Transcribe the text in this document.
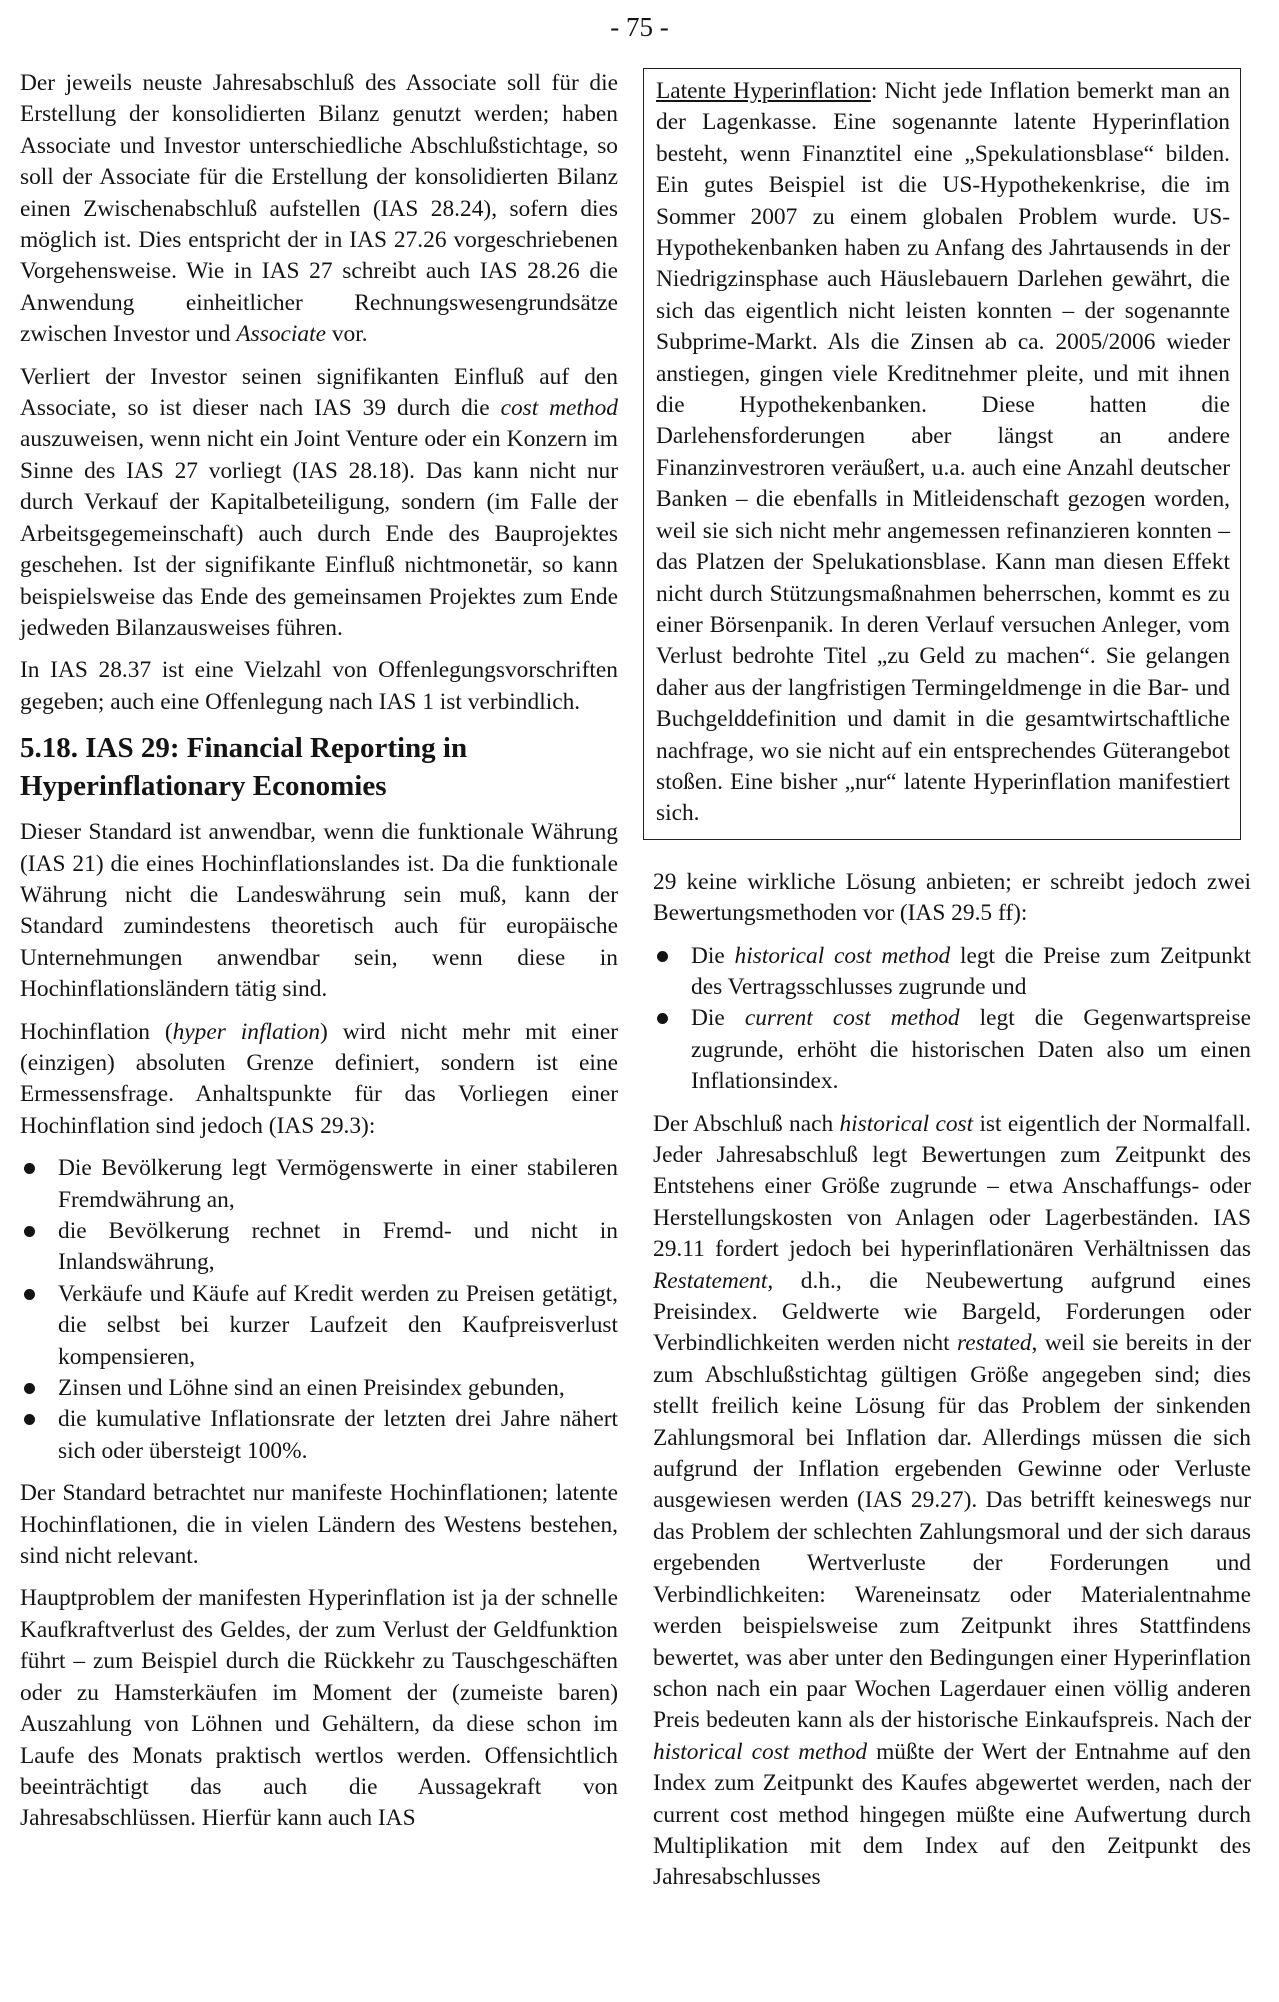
- 75 -

Der jeweils neuste Jahresabschluß des Associate soll für die Erstellung der konsolidierten Bilanz genutzt werden; haben Associate und Investor unterschiedliche Abschlußstichtage, so soll der Associate für die Erstellung der konsolidierten Bilanz einen Zwischenabschluß aufstellen (IAS 28.24), sofern dies möglich ist. Dies entspricht der in IAS 27.26 vorgeschriebenen Vorgehensweise. Wie in IAS 27 schreibt auch IAS 28.26 die Anwendung einheitlicher Rechnungswesengrundsätze zwischen Investor und Associate vor.

Verliert der Investor seinen signifikanten Einfluß auf den Associate, so ist dieser nach IAS 39 durch die cost method auszuweisen, wenn nicht ein Joint Venture oder ein Konzern im Sinne des IAS 27 vorliegt (IAS 28.18). Das kann nicht nur durch Verkauf der Kapitalbeteiligung, sondern (im Falle der Arbeitsgegemeinschaft) auch durch Ende des Bauprojektes geschehen. Ist der signifikante Einfluß nichtmonetär, so kann beispielsweise das Ende des gemeinsamen Projektes zum Ende jedweden Bilanzausweises führen.

In IAS 28.37 ist eine Vielzahl von Offenlegungsvorschriften gegeben; auch eine Offenlegung nach IAS 1 ist verbindlich.

5.18. IAS 29: Financial Reporting in Hyperinflationary Economies

Dieser Standard ist anwendbar, wenn die funktionale Währung (IAS 21) die eines Hochinflationslandes ist. Da die funktionale Währung nicht die Landeswährung sein muß, kann der Standard zumindestens theoretisch auch für europäische Unternehmungen anwendbar sein, wenn diese in Hochinflationsländern tätig sind.

Hochinflation (hyper inflation) wird nicht mehr mit einer (einzigen) absoluten Grenze definiert, sondern ist eine Ermessensfrage. Anhaltspunkte für das Vorliegen einer Hochinflation sind jedoch (IAS 29.3):

Die Bevölkerung legt Vermögenswerte in einer stabileren Fremdwährung an,
die Bevölkerung rechnet in Fremd- und nicht in Inlandswährung,
Verkäufe und Käufe auf Kredit werden zu Preisen getätigt, die selbst bei kurzer Laufzeit den Kaufpreisverlust kompensieren,
Zinsen und Löhne sind an einen Preisindex gebunden,
die kumulative Inflationsrate der letzten drei Jahre nähert sich oder übersteigt 100%.

Der Standard betrachtet nur manifeste Hochinflationen; latente Hochinflationen, die in vielen Ländern des Westens bestehen, sind nicht relevant.

Hauptproblem der manifesten Hyperinflation ist ja der schnelle Kaufkraftverlust des Geldes, der zum Verlust der Geldfunktion führt – zum Beispiel durch die Rückkehr zu Tauschgeschäften oder zu Hamsterkäufen im Moment der (zumeiste baren) Auszahlung von Löhnen und Gehältern, da diese schon im Laufe des Monats praktisch wertlos werden. Offensichtlich beeinträchtigt das auch die Aussagekraft von Jahresabschlüssen. Hierfür kann auch IAS

Latente Hyperinflation: Nicht jede Inflation bemerkt man an der Lagenkasse. Eine sogenannte latente Hyperinflation besteht, wenn Finanztitel eine „Spekulationsblase“ bilden. Ein gutes Beispiel ist die US-Hypothekenkrise, die im Sommer 2007 zu einem globalen Problem wurde. US-Hypothekenbanken haben zu Anfang des Jahrtausends in der Niedrigzinsphase auch Häuslebauern Darlehen gewährt, die sich das eigentlich nicht leisten konnten – der sogenannte Subprime-Markt. Als die Zinsen ab ca. 2005/2006 wieder anstiegen, gingen viele Kreditnehmer pleite, und mit ihnen die Hypothekenbanken. Diese hatten die Darlehensforderungen aber längst an andere Finanzinvestroren veräußert, u.a. auch eine Anzahl deutscher Banken – die ebenfalls in Mitleidenschaft gezogen worden, weil sie sich nicht mehr angemessen refinanzieren konnten – das Platzen der Spelukationsblase. Kann man diesen Effekt nicht durch Stützungsmaßnahmen beherrschen, kommt es zu einer Börsenpanik. In deren Verlauf versuchen Anleger, vom Verlust bedrohte Titel „zu Geld zu machen“. Sie gelangen daher aus der langfristigen Termingeldmenge in die Bar- und Buchgelddefinition und damit in die gesamtwirtschaftliche nachfrage, wo sie nicht auf ein entsprechendes Güterangebot stoßen. Eine bisher „nur“ latente Hyperinflation manifestiert sich.

29 keine wirkliche Lösung anbieten; er schreibt jedoch zwei Bewertungsmethoden vor (IAS 29.5 ff):

Die historical cost method legt die Preise zum Zeitpunkt des Vertragsschlusses zugrunde und
Die current cost method legt die Gegenwartspreise zugrunde, erhöht die historischen Daten also um einen Inflationsindex.

Der Abschluß nach historical cost ist eigentlich der Normalfall. Jeder Jahresabschluß legt Bewertungen zum Zeitpunkt des Entstehens einer Größe zugrunde – etwa Anschaffungs- oder Herstellungskosten von Anlagen oder Lagerbeständen. IAS 29.11 fordert jedoch bei hyperinflationären Verhältnissen das Restatement, d.h., die Neubewertung aufgrund eines Preisindex. Geldwerte wie Bargeld, Forderungen oder Verbindlichkeiten werden nicht restated, weil sie bereits in der zum Abschlußstichtag gültigen Größe angegeben sind; dies stellt freilich keine Lösung für das Problem der sinkenden Zahlungsmoral bei Inflation dar. Allerdings müssen die sich aufgrund der Inflation ergebenden Gewinne oder Verluste ausgewiesen werden (IAS 29.27). Das betrifft keineswegs nur das Problem der schlechten Zahlungsmoral und der sich daraus ergebenden Wertverluste der Forderungen und Verbindlichkeiten: Wareneinsatz oder Materialentnahme werden beispielsweise zum Zeitpunkt ihres Stattfindens bewertet, was aber unter den Bedingungen einer Hyperinflation schon nach ein paar Wochen Lagerdauer einen völlig anderen Preis bedeuten kann als der historische Einkaufspreis. Nach der historical cost method müßte der Wert der Entnahme auf den Index zum Zeitpunkt des Kaufes abgewertet werden, nach der current cost method hingegen müßte eine Aufwertung durch Multiplikation mit dem Index auf den Zeitpunkt des Jahresabschlusses
